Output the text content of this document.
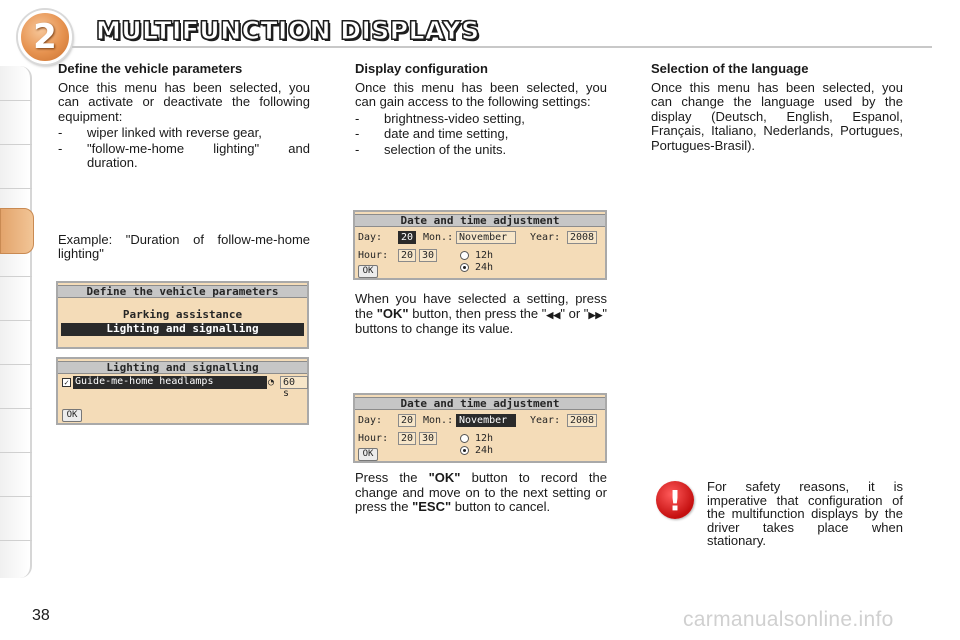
2 MULTIFUNCTION DISPLAYS
Define the vehicle parameters
Once this menu has been selected, you can activate or deactivate the following equipment:
- wiper linked with reverse gear,
- "follow-me-home lighting" and duration.
Example: "Duration of follow-me-home lighting"
Define the vehicle parameters
Parking assistance
Lighting and signalling
Lighting and signalling
✓ Guide-me-home headlamps	◔ 60 s
OK
Display configuration
Once this menu has been selected, you can gain access to the following settings:
- brightness-video setting,
- date and time setting,
- selection of the units.
Date and time adjustment
Day:	20 Mon.: November	Year: 2008
Hour:	20 30	12h
24h
OK
When you have selected a setting, press the "OK" button, then press the "◀◀" or "▶▶" buttons to change its value.
Date and time adjustment
Day:	20 Mon.: November	Year: 2008
Hour:	20 30	12h
24h
OK
Press the "OK" button to record the change and move on to the next setting or press the "ESC" button to cancel.
Selection of the language
Once this menu has been selected, you can change the language used by the display (Deutsch, English, Espanol, Français, Italiano, Nederlands, Portugues, Portugues-Brasil).
! For safety reasons, it is imperative that configuration of the multifunction displays by the driver takes place when stationary.
38	carmanualsonline.info
